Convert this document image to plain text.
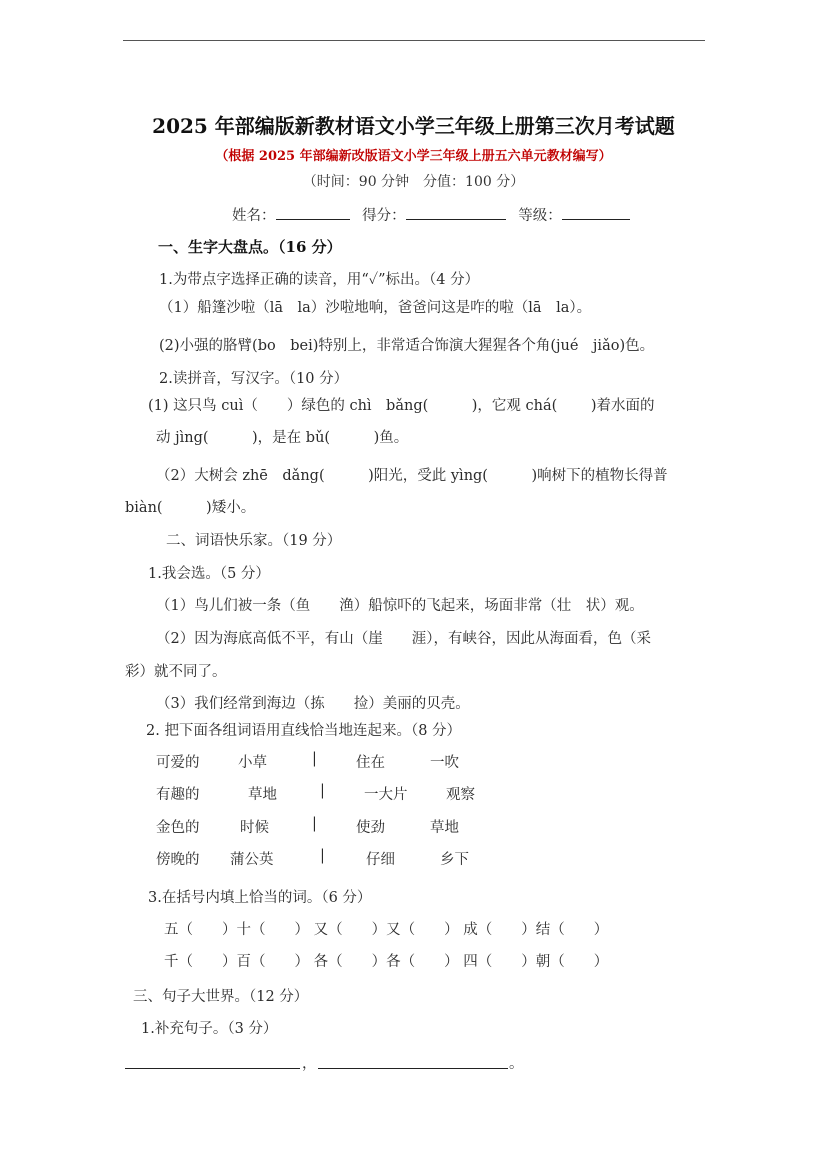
2025 年部编版新教材语文小学三年级上册第三次月考试题
（根据 2025 年部编新改版语文小学三年级上册五六单元教材编写）
（时间：90 分钟　分值：100 分）
姓名：	得分：	等级：
一、生字大盘点。（16 分）
1.为带点字选择正确的读音，用“✓”标出。（4 分）
（1）船篷沙啦（lā　la）沙啦地响，爸爸问这是咋的啦（lā　la）。
(2)小强的胳臂(bo　bei)特别上，非常适合饰演大猩猩各个角(jué　jiǎo)色。
2.读拼音，写汉字。（10 分）
(1) 这只鸟 cuì（　　）绿色的 chì　bǎng(　　　)，它观 chá(　　 )着水面的
动 jìng(　　　)，是在 bǔ(　　　)鱼。
（2）大树会 zhē　dǎng(　　　)阳光，受此 yìng(　　　)响树下的植物长得普
biàn(　　　)矮小。
二、词语快乐家。（19 分）
1.我会选。（5 分）
（1）鸟儿们被一条（鱼　　渔）船惊吓的飞起来，场面非常（壮　状）观。
（2）因为海底高低不平，有山（崖　　涯），有峡谷，因此从海面看，色（采
彩）就不同了。
（3）我们经常到海边（拣　　捡）美丽的贝壳。
2. 把下面各组词语用直线恰当地连起来。（8 分）
可爱的	小草	|	住在	一吹
有趣的	草地	|	一大片	观察
金色的	时候	|	使劲	草地
傍晚的 蒲公英	|	仔细	乡下
3.在括号内填上恰当的词。（6 分）
五（　　）十（　　） 又（　　）又（　　） 成（　　）结（　　）
千（　　）百（　　） 各（　　）各（　　） 四（　　）朝（　　）
三、句子大世界。（12 分）
1.补充句子。（3 分）
，	。
